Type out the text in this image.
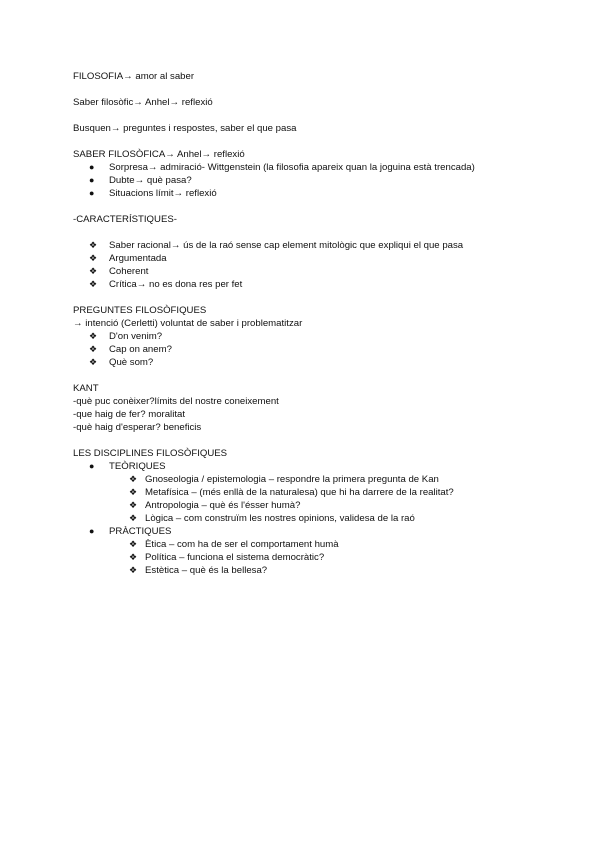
FILOSOFIA→ amor al saber

Saber filosòfic→ Anhel→ reflexió

Busquen→ preguntes i respostes, saber el que pasa

SABER FILOSÒFICA→ Anhel→ reflexió

● Sorpresa→ admiració- Wittgenstein (la filosofia apareix quan la joguina està trencada)
● Dubte→ què pasa?
● Situacions límit→ reflexió

-CARACTERÍSTIQUES-

❖ Saber racional→ ús de la raó sense cap element mitològic que expliqui el que pasa
❖ Argumentada
❖ Coherent
❖ Crítica→ no es dona res per fet

PREGUNTES FILOSÒFIQUES

→ intenció (Cerletti) voluntat de saber i problematitzar

❖ D'on venim?
❖ Cap on anem?
❖ Què som?

KANT

-què puc conèixer?límits del nostre coneixement

-que haig de fer? moralitat

-què haig d'esperar? beneficis

LES DISCIPLINES FILOSÒFIQUES

● TEÒRIQUES
❖ Gnoseologia / epistemologia – respondre la primera pregunta de Kan
❖ Metafísica – (més enllà de la naturalesa) que hi ha darrere de la realitat?
❖ Antropologia – què és l'ésser humà?
❖ Lògica – com construïm les nostres opinions, validesa de la raó
● PRÀCTIQUES
❖ Ètica – com ha de ser el comportament humà
❖ Política – funciona el sistema democràtic?
❖ Estètica – què és la bellesa?
